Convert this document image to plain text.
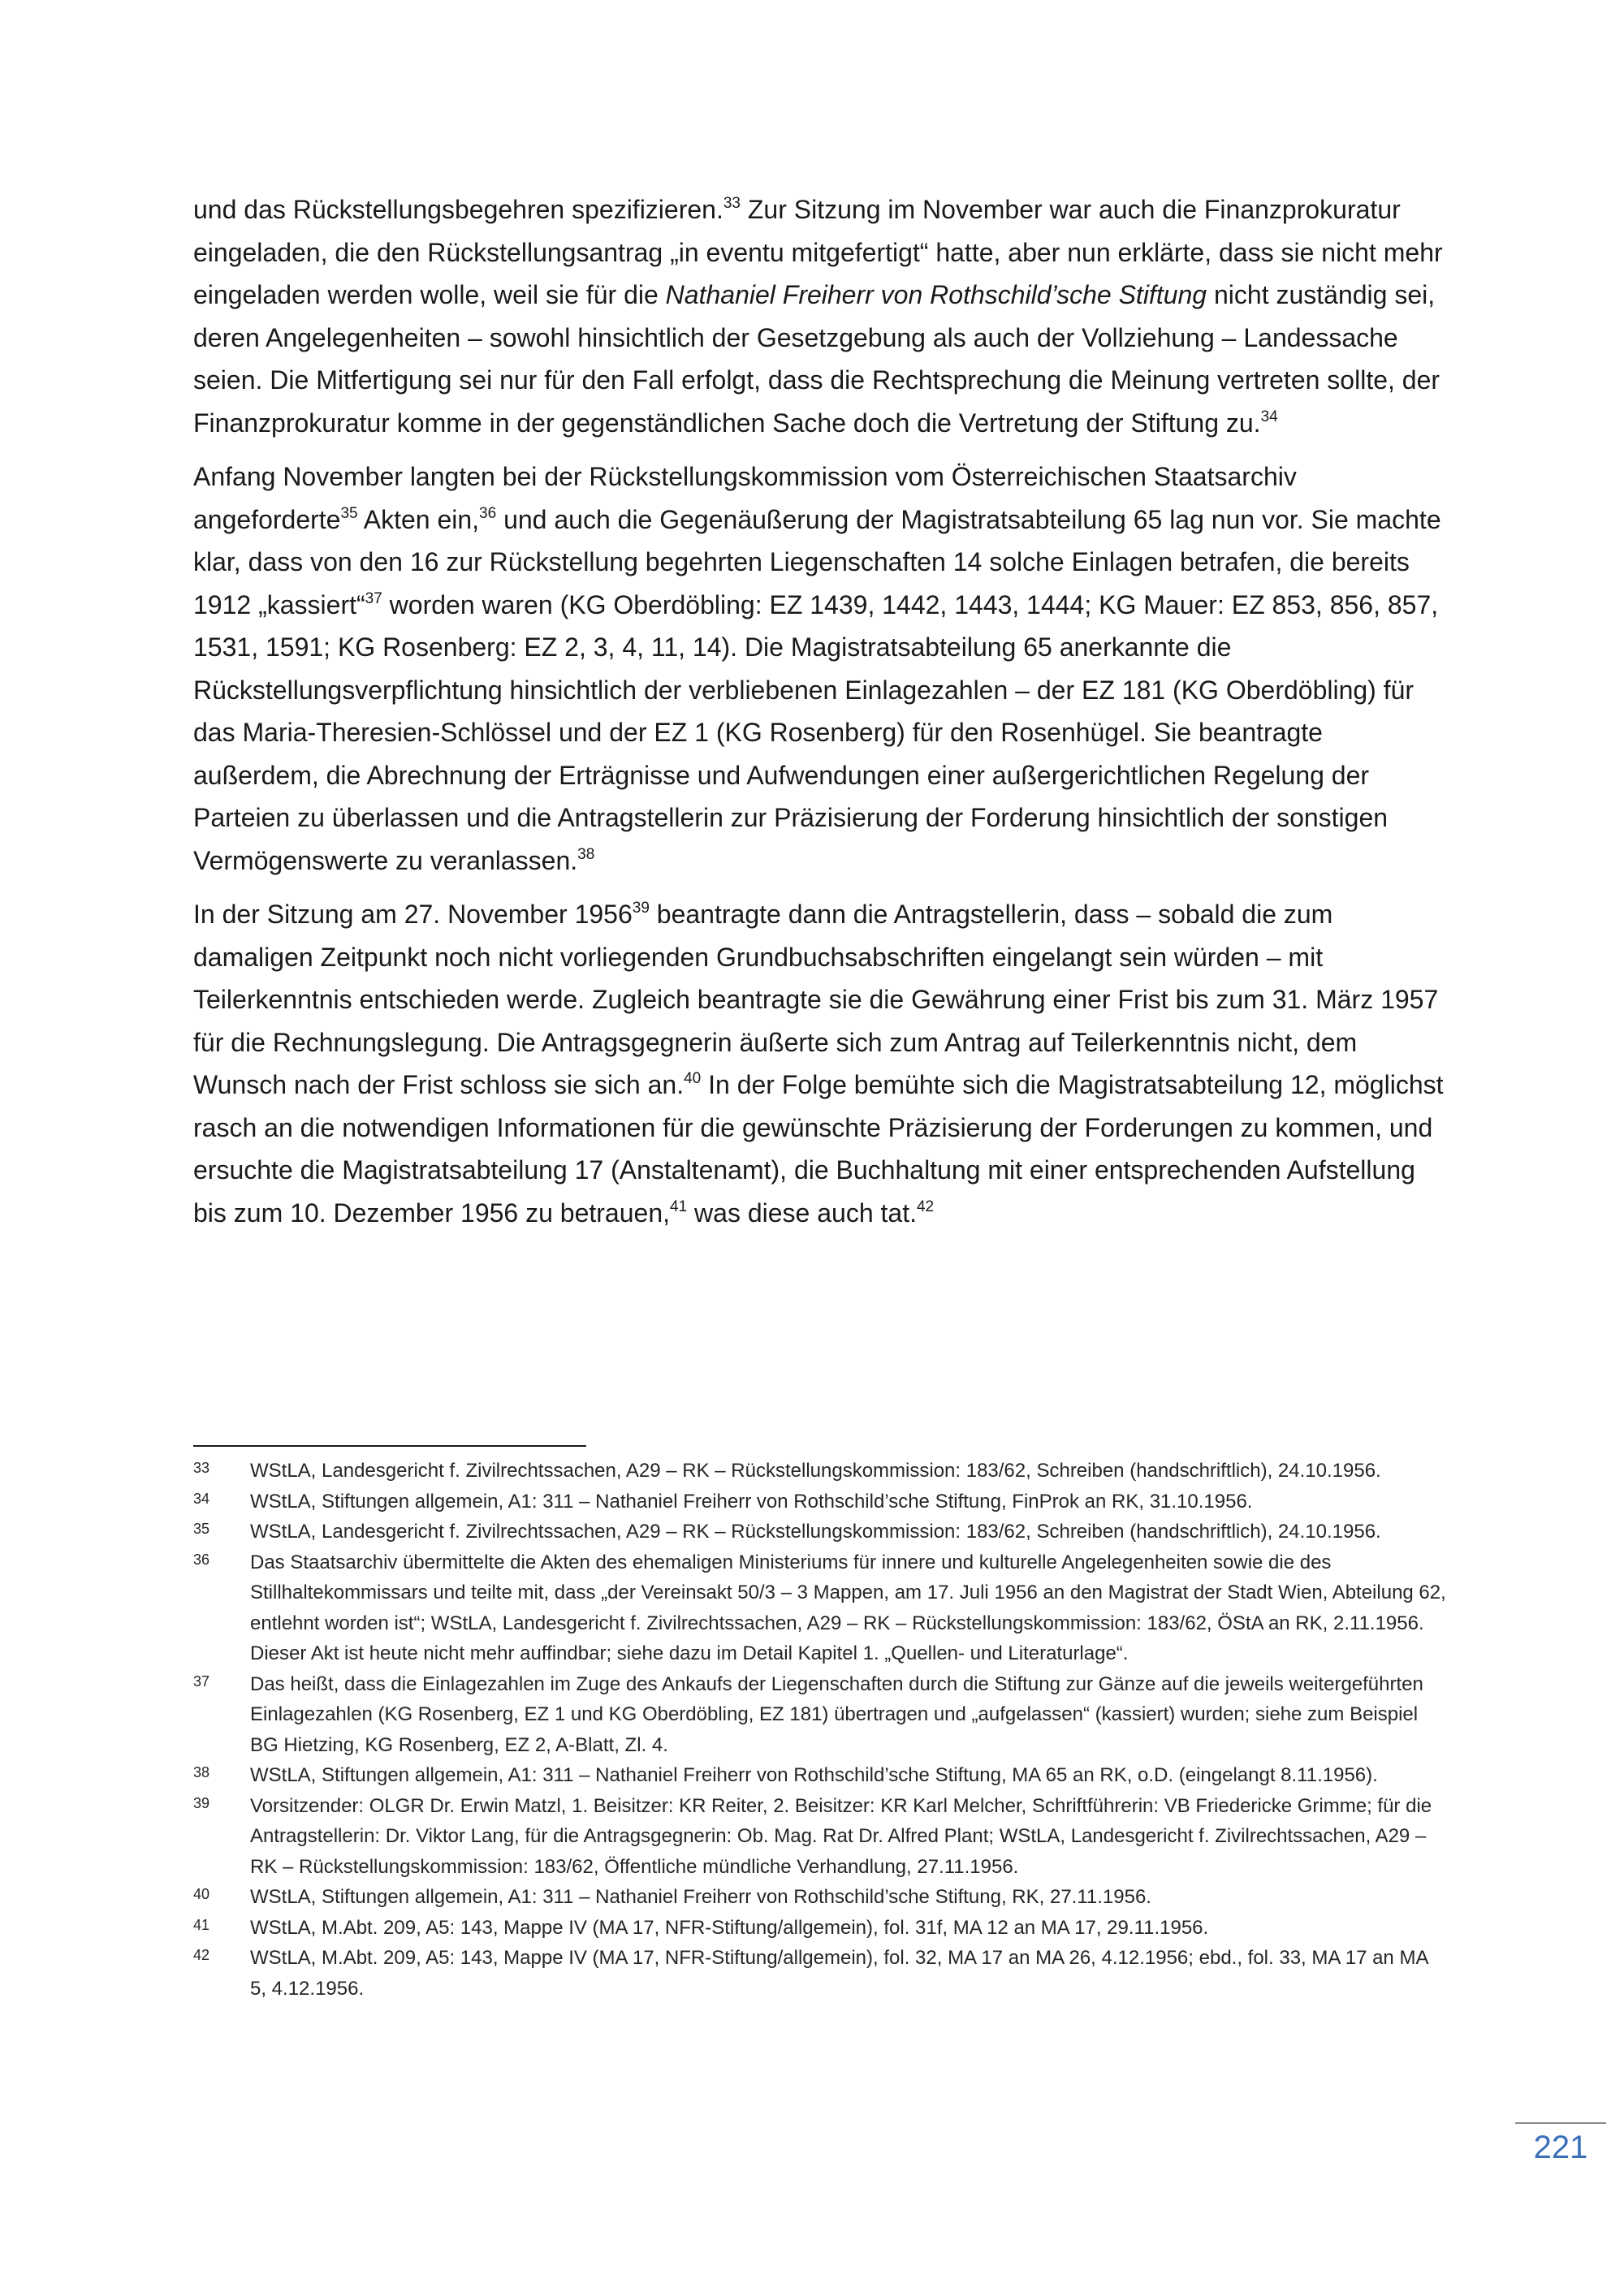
und das Rückstellungsbegehren spezifizieren.$^{33}$ Zur Sitzung im November war auch die Finanzprokuratur eingeladen, die den Rückstellungsantrag „in eventu mitgefertigt“ hatte, aber nun erklärte, dass sie nicht mehr eingeladen werden wolle, weil sie für die Nathaniel Freiherr von Rothschild’sche Stiftung nicht zuständig sei, deren Angelegenheiten – sowohl hinsichtlich der Gesetzgebung als auch der Vollziehung – Landessache seien. Die Mitfertigung sei nur für den Fall erfolgt, dass die Rechtsprechung die Meinung vertreten sollte, der Finanzprokuratur komme in der gegenständlichen Sache doch die Vertretung der Stiftung zu.$^{34}$

Anfang November langten bei der Rückstellungskommission vom Österreichischen Staatsarchiv angeforderte$^{35}$ Akten ein,$^{36}$ und auch die Gegenäußerung der Magistratsabteilung 65 lag nun vor. Sie machte klar, dass von den 16 zur Rückstellung begehrten Liegenschaften 14 solche Einlagen betrafen, die bereits 1912 „kassiert“$^{37}$ worden waren (KG Oberdöbling: EZ 1439, 1442, 1443, 1444; KG Mauer: EZ 853, 856, 857, 1531, 1591; KG Rosenberg: EZ 2, 3, 4, 11, 14). Die Magistratsabteilung 65 anerkannte die Rückstellungsverpflichtung hinsichtlich der verbliebenen Einlagezahlen – der EZ 181 (KG Oberdöbling) für das Maria-Theresien-Schlössel und der EZ 1 (KG Rosenberg) für den Rosenhügel. Sie beantragte außerdem, die Abrechnung der Erträgnisse und Aufwendungen einer außergerichtlichen Regelung der Parteien zu überlassen und die Antragstellerin zur Präzisierung der Forderung hinsichtlich der sonstigen Vermögenswerte zu veranlassen.$^{38}$

In der Sitzung am 27. November 1956$^{39}$ beantragte dann die Antragstellerin, dass – sobald die zum damaligen Zeitpunkt noch nicht vorliegenden Grundbuchsabschriften eingelangt sein würden – mit Teilerkenntnis entschieden werde. Zugleich beantragte sie die Gewährung einer Frist bis zum 31. März 1957 für die Rechnungslegung. Die Antragsgegnerin äußerte sich zum Antrag auf Teilerkenntnis nicht, dem Wunsch nach der Frist schloss sie sich an.$^{40}$ In der Folge bemühte sich die Magistratsabteilung 12, möglichst rasch an die notwendigen Informationen für die gewünschte Präzisierung der Forderungen zu kommen, und ersuchte die Magistratsabteilung 17 (Anstaltenamt), die Buchhaltung mit einer entsprechenden Aufstellung bis zum 10. Dezember 1956 zu betrauen,$^{41}$ was diese auch tat.$^{42}$

33	WStLA, Landesgericht f. Zivilrechtssachen, A29 – RK – Rückstellungskommission: 183/62, Schreiben (handschriftlich), 24.10.1956.
34	WStLA, Stiftungen allgemein, A1: 311 – Nathaniel Freiherr von Rothschild’sche Stiftung, FinProk an RK, 31.10.1956.
35	WStLA, Landesgericht f. Zivilrechtssachen, A29 – RK – Rückstellungskommission: 183/62, Schreiben (handschriftlich), 24.10.1956.
36	Das Staatsarchiv übermittelte die Akten des ehemaligen Ministeriums für innere und kulturelle Angelegenheiten sowie die des Stillhaltekommissars und teilte mit, dass „der Vereinsakt 50/3 – 3 Mappen, am 17. Juli 1956 an den Magistrat der Stadt Wien, Abteilung 62, entlehnt worden ist“; WStLA, Landesgericht f. Zivilrechtssachen, A29 – RK – Rückstellungskommission: 183/62, ÖStA an RK, 2.11.1956. Dieser Akt ist heute nicht mehr auffindbar; siehe dazu im Detail Kapitel 1. „Quellen- und Literaturlage“.
37	Das heißt, dass die Einlagezahlen im Zuge des Ankaufs der Liegenschaften durch die Stiftung zur Gänze auf die jeweils weitergeführten Einlagezahlen (KG Rosenberg, EZ 1 und KG Oberdöbling, EZ 181) übertragen und „aufgelassen“ (kassiert) wurden; siehe zum Beispiel BG Hietzing, KG Rosenberg, EZ 2, A-Blatt, Zl. 4.
38	WStLA, Stiftungen allgemein, A1: 311 – Nathaniel Freiherr von Rothschild’sche Stiftung, MA 65 an RK, o.D. (eingelangt 8.11.1956).
39	Vorsitzender: OLGR Dr. Erwin Matzl, 1. Beisitzer: KR Reiter, 2. Beisitzer: KR Karl Melcher, Schriftführerin: VB Friedericke Grimme; für die Antragstellerin: Dr. Viktor Lang, für die Antragsgegnerin: Ob. Mag. Rat Dr. Alfred Plant; WStLA, Landesgericht f. Zivilrechtssachen, A29 – RK – Rückstellungskommission: 183/62, Öffentliche mündliche Verhandlung, 27.11.1956.
40	WStLA, Stiftungen allgemein, A1: 311 – Nathaniel Freiherr von Rothschild’sche Stiftung, RK, 27.11.1956.
41	WStLA, M.Abt. 209, A5: 143, Mappe IV (MA 17, NFR-Stiftung/allgemein), fol. 31f, MA 12 an MA 17, 29.11.1956.
42	WStLA, M.Abt. 209, A5: 143, Mappe IV (MA 17, NFR-Stiftung/allgemein), fol. 32, MA 17 an MA 26, 4.12.1956; ebd., fol. 33, MA 17 an MA 5, 4.12.1956.
221
